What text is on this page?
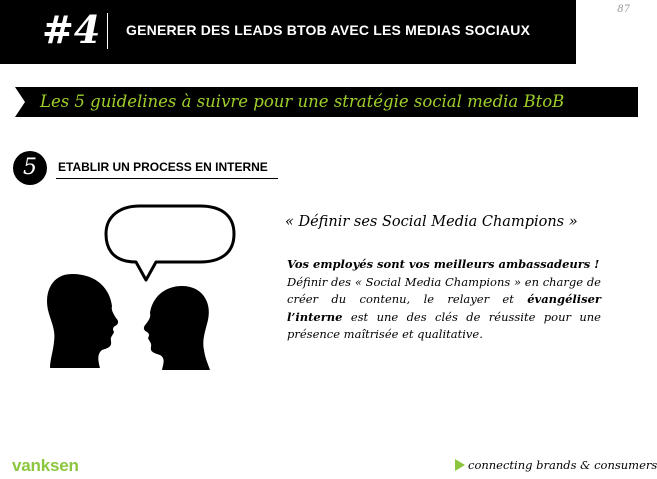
#4 GENERER DES LEADS BTOB AVEC LES MEDIAS SOCIAUX
87
Les 5 guidelines à suivre pour une stratégie social media BtoB
5	ETABLIR UN PROCESS EN INTERNE
« Définir ses Social Media Champions »
Vos employés sont vos meilleurs ambassadeurs !
Définir des « Social Media Champions » en charge de créer du contenu, le relayer et évangéliser l’interne est une des clés de réussite pour une présence maîtrisée et qualitative.
vanksen	connecting brands & consumers
